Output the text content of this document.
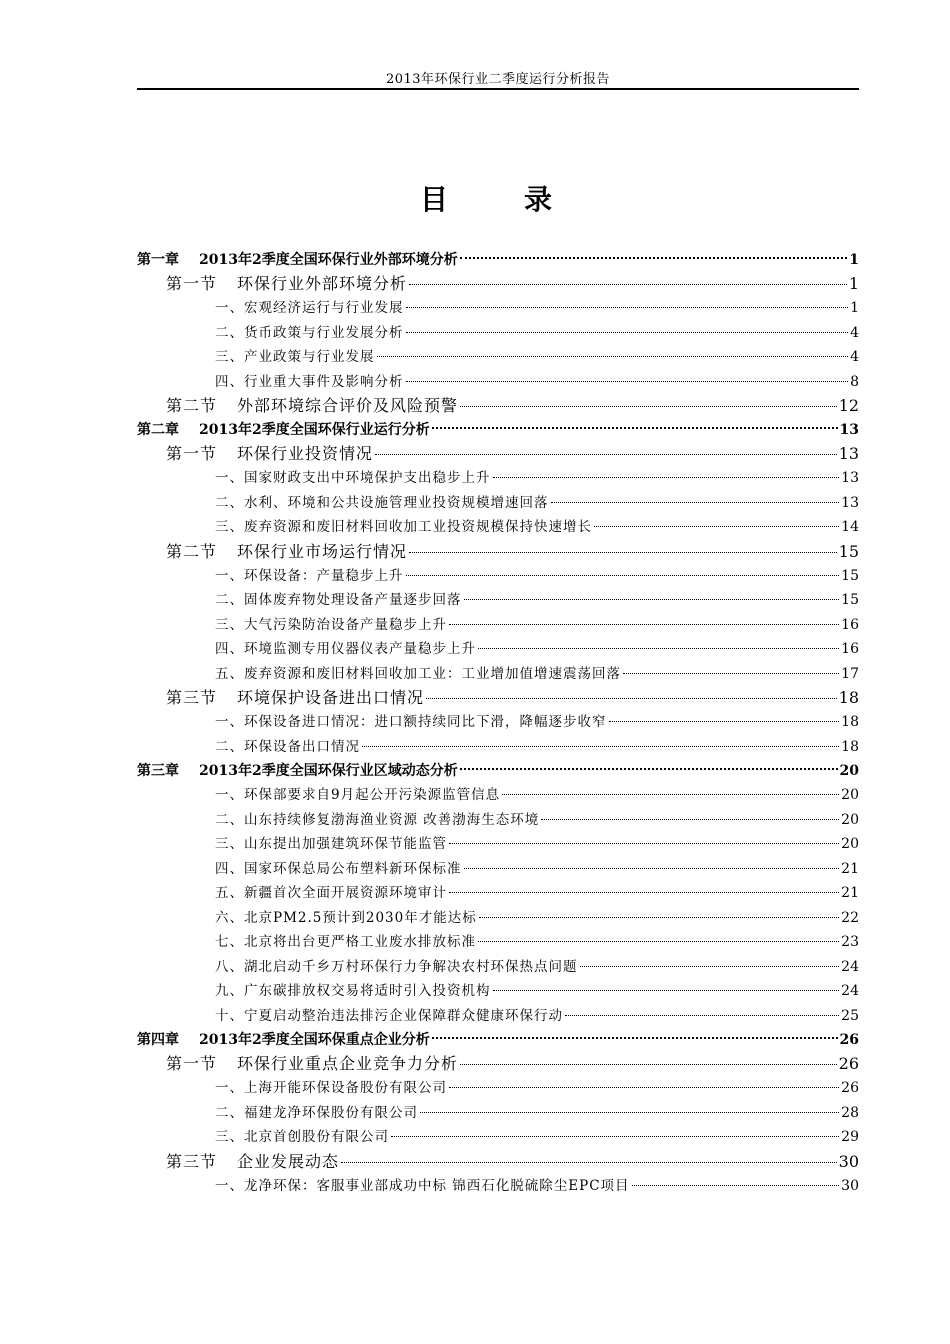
2013年环保行业二季度运行分析报告
目　录
第一章 2013年2季度全国环保行业外部环境分析	1
第一节 环保行业外部环境分析	1
一、宏观经济运行与行业发展	1
二、货币政策与行业发展分析	4
三、产业政策与行业发展	4
四、行业重大事件及影响分析	8
第二节 外部环境综合评价及风险预警	12
第二章 2013年2季度全国环保行业运行分析	13
第一节 环保行业投资情况	13
一、国家财政支出中环境保护支出稳步上升	13
二、水利、环境和公共设施管理业投资规模增速回落	13
三、废弃资源和废旧材料回收加工业投资规模保持快速增长	14
第二节 环保行业市场运行情况	15
一、环保设备：产量稳步上升	15
二、固体废弃物处理设备产量逐步回落	15
三、大气污染防治设备产量稳步上升	16
四、环境监测专用仪器仪表产量稳步上升	16
五、废弃资源和废旧材料回收加工业：工业增加值增速震荡回落	17
第三节 环境保护设备进出口情况	18
一、环保设备进口情况：进口额持续同比下滑，降幅逐步收窄	18
二、环保设备出口情况	18
第三章 2013年2季度全国环保行业区域动态分析	20
一、环保部要求自9月起公开污染源监管信息	20
二、山东持续修复渤海渔业资源 改善渤海生态环境	20
三、山东提出加强建筑环保节能监管	20
四、国家环保总局公布塑料新环保标准	21
五、新疆首次全面开展资源环境审计	21
六、北京PM2.5预计到2030年才能达标	22
七、北京将出台更严格工业废水排放标准	23
八、湖北启动千乡万村环保行力争解决农村环保热点问题	24
九、广东碳排放权交易将适时引入投资机构	24
十、宁夏启动整治违法排污企业保障群众健康环保行动	25
第四章 2013年2季度全国环保重点企业分析	26
第一节 环保行业重点企业竞争力分析	26
一、上海开能环保设备股份有限公司	26
二、福建龙净环保股份有限公司	28
三、北京首创股份有限公司	29
第三节 企业发展动态	30
一、龙净环保：客服事业部成功中标 锦西石化脱硫除尘EPC项目	30
